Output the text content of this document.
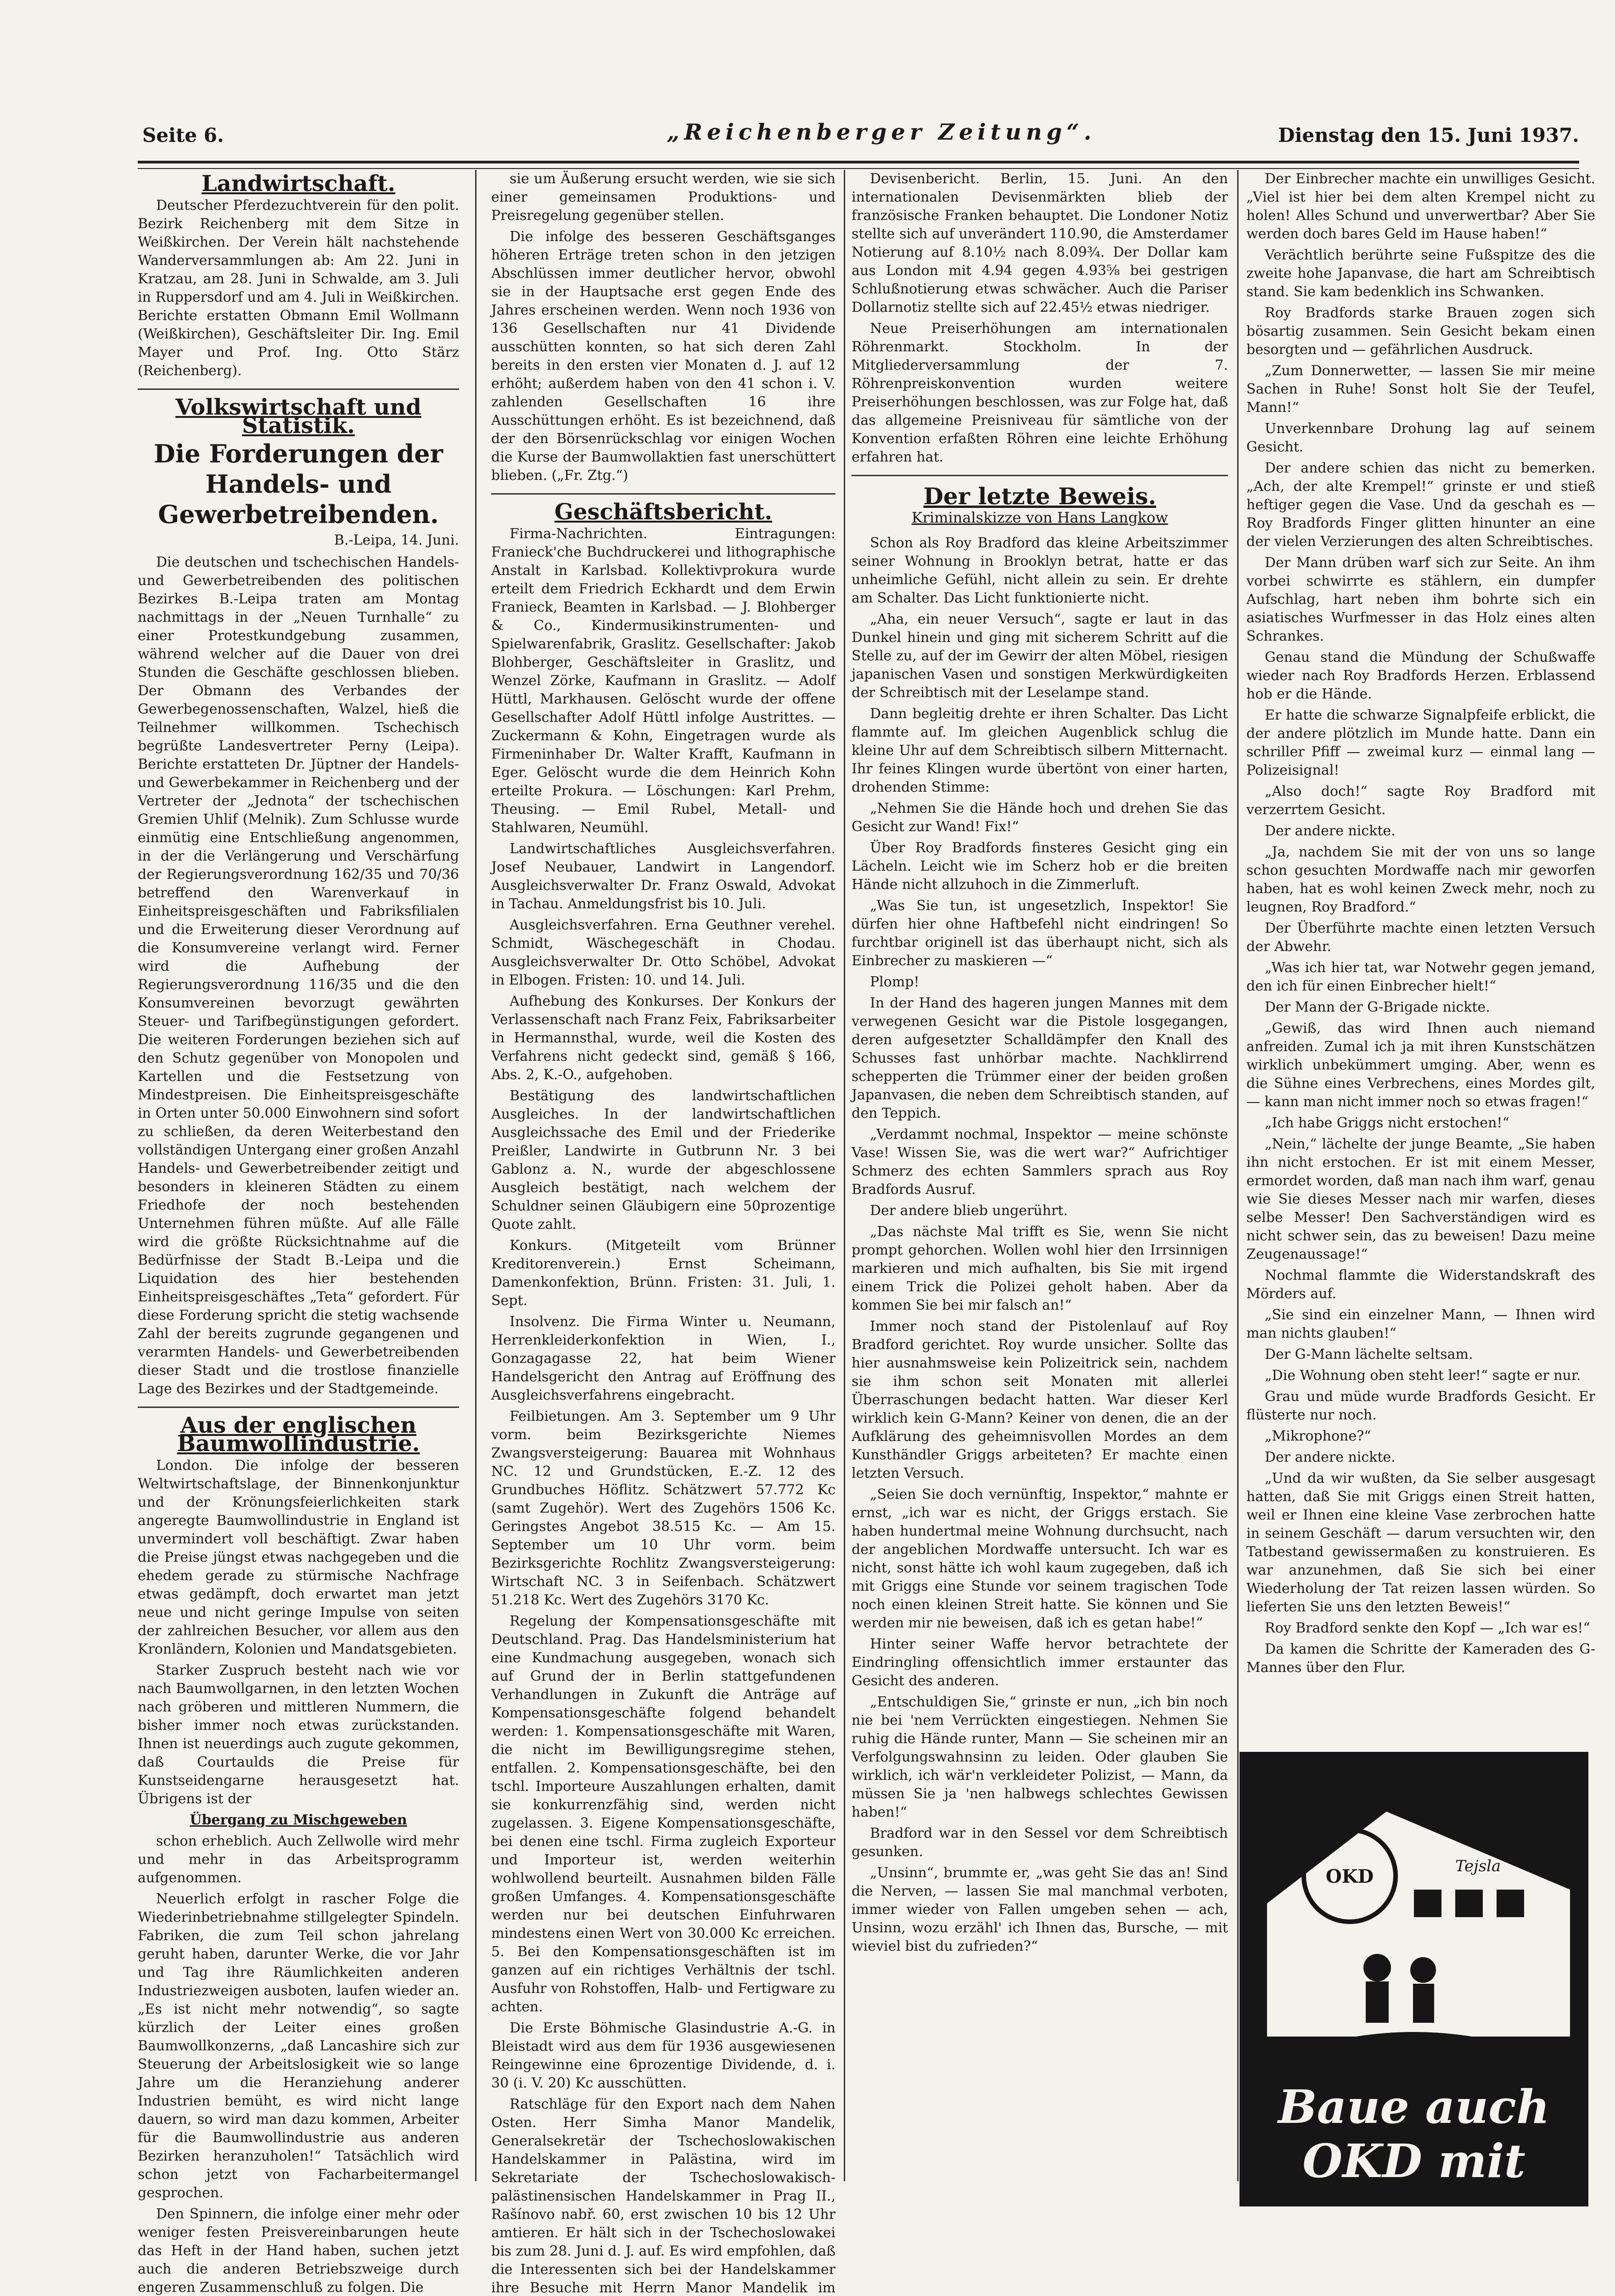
Seite 6.	„Reichenberger Zeitung“.	Dienstag den 15. Juni 1937.
Landwirtschaft.

Deutscher Pferdezuchtverein für den polit. Bezirk Reichenberg mit dem Sitze in Weißkirchen. Der Verein hält nachstehende Wanderversammlungen ab: Am 22. Juni in Kratzau, am 28. Juni in Schwalde, am 3. Juli in Ruppersdorf und am 4. Juli in Weißkirchen. Berichte erstatten Obmann Emil Wollmann (Weißkirchen), Geschäftsleiter Dir. Ing. Emil Mayer und Prof. Ing. Otto Stärz (Reichenberg).

Volkswirtschaft und Statistik.
Die Forderungen der Handels- und Gewerbetreibenden.
B.-Leipa, 14. Juni.

Die deutschen und tschechischen Handels- und Gewerbetreibenden des politischen Bezirkes B.-Leipa traten am Montag nachmittags in der „Neuen Turnhalle“ zu einer Protestkundgebung zusammen, während welcher auf die Dauer von drei Stunden die Geschäfte geschlossen blieben. Der Obmann des Verbandes der Gewerbegenossenschaften, Walzel, hieß die Teilnehmer willkommen. Tschechisch begrüßte Landesvertreter Perny (Leipa). Berichte erstatteten Dr. Jüptner der Handels- und Gewerbekammer in Reichenberg und der Vertreter der „Jednota“ der tschechischen Gremien Uhlif (Melnik). Zum Schlusse wurde einmütig eine Entschließung angenommen, in der die Verlängerung und Verschärfung der Regierungsverordnung 162/35 und 70/36 betreffend den Warenverkauf in Einheitspreisgeschäften und Fabriksfilialen und die Erweiterung dieser Verordnung auf die Konsumvereine verlangt wird. Ferner wird die Aufhebung der Regierungsverordnung 116/35 und die den Konsumvereinen bevorzugt gewährten Steuer- und Tarifbegünstigungen gefordert. Die weiteren Forderungen beziehen sich auf den Schutz gegenüber von Monopolen und Kartellen und die Festsetzung von Mindestpreisen. Die Einheitspreisgeschäfte in Orten unter 50.000 Einwohnern sind sofort zu schließen, da deren Weiterbestand den vollständigen Untergang einer großen Anzahl Handels- und Gewerbetreibender zeitigt und besonders in kleineren Städten zu einem Friedhofe der noch bestehenden Unternehmen führen müßte. Auf alle Fälle wird die größte Rücksichtnahme auf die Bedürfnisse der Stadt B.-Leipa und die Liquidation des hier bestehenden Einheitspreisgeschäftes „Teta“ gefordert. Für diese Forderung spricht die stetig wachsende Zahl der bereits zugrunde gegangenen und verarmten Handels- und Gewerbetreibenden dieser Stadt und die trostlose finanzielle Lage des Bezirkes und der Stadtgemeinde.

Aus der englischen Baumwollindustrie.

London. Die infolge der besseren Weltwirtschaftslage, der Binnenkonjunktur und der Krönungsfeierlichkeiten stark angeregte Baumwollindustrie in England ist unvermindert voll beschäftigt. Zwar haben die Preise jüngst etwas nachgegeben und die ehedem gerade zu stürmische Nachfrage etwas gedämpft, doch erwartet man jetzt neue und nicht geringe Impulse von seiten der zahlreichen Besucher, vor allem aus den Kronländern, Kolonien und Mandatsgebieten.

Starker Zuspruch besteht nach wie vor nach Baumwollgarnen, in den letzten Wochen nach gröberen und mittleren Nummern, die bisher immer noch etwas zurückstanden. Ihnen ist neuerdings auch zugute gekommen, daß Courtaulds die Preise für Kunstseidengarne herausgesetzt hat. Übrigens ist der

Übergang zu Mischgeweben

schon erheblich. Auch Zellwolle wird mehr und mehr in das Arbeitsprogramm aufgenommen.

Neuerlich erfolgt in rascher Folge die Wiederinbetriebnahme stillgelegter Spindeln. Fabriken, die zum Teil schon jahrelang geruht haben, darunter Werke, die vor Jahr und Tag ihre Räumlichkeiten anderen Industriezweigen ausboten, laufen wieder an. „Es ist nicht mehr notwendig“, so sagte kürzlich der Leiter eines großen Baumwollkonzerns, „daß Lancashire sich zur Steuerung der Arbeitslosigkeit wie so lange Jahre um die Heranziehung anderer Industrien bemüht, es wird nicht lange dauern, so wird man dazu kommen, Arbeiter für die Baumwollindustrie aus anderen Bezirken heranzuholen!“ Tatsächlich wird schon jetzt von Facharbeitermangel gesprochen.

Den Spinnern, die infolge einer mehr oder weniger festen Preisvereinbarungen heute das Heft in der Hand haben, suchen jetzt auch die anderen Betriebszweige durch engeren Zusammenschluß zu folgen. Die

sie um Äußerung ersucht werden, wie sie sich einer gemeinsamen Produktions- und Preisregelung gegenüber stellen.

Die infolge des besseren Geschäftsganges höheren Erträge treten schon in den jetzigen Abschlüssen immer deutlicher hervor, obwohl sie in der Hauptsache erst gegen Ende des Jahres erscheinen werden. Wenn noch 1936 von 136 Gesellschaften nur 41 Dividende ausschütten konnten, so hat sich deren Zahl bereits in den ersten vier Monaten d. J. auf 12 erhöht; außerdem haben von den 41 schon i. V. zahlenden Gesellschaften 16 ihre Ausschüttungen erhöht. Es ist bezeichnend, daß der den Börsenrückschlag vor einigen Wochen die Kurse der Baumwollaktien fast unerschüttert blieben. („Fr. Ztg.“)

Geschäftsbericht.

Firma-Nachrichten. Eintragungen: Franieck'che Buchdruckerei und lithographische Anstalt in Karlsbad. Kollektivprokura wurde erteilt dem Friedrich Eckhardt und dem Erwin Franieck, Beamten in Karlsbad. — J. Blohberger & Co., Kindermusikinstrumenten- und Spielwarenfabrik, Graslitz. Gesellschafter: Jakob Blohberger, Geschäftsleiter in Graslitz, und Wenzel Zörke, Kaufmann in Graslitz. — Adolf Hüttl, Markhausen. Gelöscht wurde der offene Gesellschafter Adolf Hüttl infolge Austrittes. — Zuckermann & Kohn, Eingetragen wurde als Firmeninhaber Dr. Walter Krafft, Kaufmann in Eger. Gelöscht wurde die dem Heinrich Kohn erteilte Prokura. — Löschungen: Karl Prehm, Theusing. — Emil Rubel, Metall- und Stahlwaren, Neumühl.

Landwirtschaftliches Ausgleichsverfahren. Josef Neubauer, Landwirt in Langendorf. Ausgleichsverwalter Dr. Franz Oswald, Advokat in Tachau. Anmeldungsfrist bis 10. Juli.

Ausgleichsverfahren. Erna Geuthner verehel. Schmidt, Wäschegeschäft in Chodau. Ausgleichsverwalter Dr. Otto Schöbel, Advokat in Elbogen. Fristen: 10. und 14. Juli.

Aufhebung des Konkurses. Der Konkurs der Verlassenschaft nach Franz Feix, Fabriksarbeiter in Hermannsthal, wurde, weil die Kosten des Verfahrens nicht gedeckt sind, gemäß § 166, Abs. 2, K.-O., aufgehoben.

Bestätigung des landwirtschaftlichen Ausgleiches. In der landwirtschaftlichen Ausgleichssache des Emil und der Friederike Preißler, Landwirte in Gutbrunn Nr. 3 bei Gablonz a. N., wurde der abgeschlossene Ausgleich bestätigt, nach welchem der Schuldner seinen Gläubigern eine 50prozentige Quote zahlt.

Konkurs. (Mitgeteilt vom Brünner Kreditorenverein.) Ernst Scheimann, Damenkonfektion, Brünn. Fristen: 31. Juli, 1. Sept.

Insolvenz. Die Firma Winter u. Neumann, Herrenkleiderkonfektion in Wien, I., Gonzagagasse 22, hat beim Wiener Handelsgericht den Antrag auf Eröffnung des Ausgleichsverfahrens eingebracht.

Feilbietungen. Am 3. September um 9 Uhr vorm. beim Bezirksgerichte Niemes Zwangsversteigerung: Bauarea mit Wohnhaus NC. 12 und Grundstücken, E.-Z. 12 des Grundbuches Höflitz. Schätzwert 57.772 Kc (samt Zugehör). Wert des Zugehörs 1506 Kc. Geringstes Angebot 38.515 Kc. — Am 15. September um 10 Uhr vorm. beim Bezirksgerichte Rochlitz Zwangsversteigerung: Wirtschaft NC. 3 in Seifenbach. Schätzwert 51.218 Kc. Wert des Zugehörs 3170 Kc.

Regelung der Kompensationsgeschäfte mit Deutschland. Prag. Das Handelsministerium hat eine Kundmachung ausgegeben, wonach sich auf Grund der in Berlin stattgefundenen Verhandlungen in Zukunft die Anträge auf Kompensationsgeschäfte folgend behandelt werden: 1. Kompensationsgeschäfte mit Waren, die nicht im Bewilligungsregime stehen, entfallen. 2. Kompensationsgeschäfte, bei den tschl. Importeure Auszahlungen erhalten, damit sie konkurrenzfähig sind, werden nicht zugelassen. 3. Eigene Kompensationsgeschäfte, bei denen eine tschl. Firma zugleich Exporteur und Importeur ist, werden weiterhin wohlwollend beurteilt. Ausnahmen bilden Fälle großen Umfanges. 4. Kompensationsgeschäfte werden nur bei deutschen Einfuhrwaren mindestens einen Wert von 30.000 Kc erreichen. 5. Bei den Kompensationsgeschäften ist im ganzen auf ein richtiges Verhältnis der tschl. Ausfuhr von Rohstoffen, Halb- und Fertigware zu achten.

Die Erste Böhmische Glasindustrie A.-G. in Bleistadt wird aus dem für 1936 ausgewiesenen Reingewinne eine 6prozentige Dividende, d. i. 30 (i. V. 20) Kc ausschütten.

Ratschläge für den Export nach dem Nahen Osten. Herr Simha Manor Mandelik, Generalsekretär der Tschechoslowakischen Handelskammer in Palästina, wird im Sekretariate der Tschechoslowakisch-palästinensischen Handelskammer in Prag II., Rašínovo nabř. 60, erst zwischen 10 bis 12 Uhr amtieren. Er hält sich in der Tschechoslowakei bis zum 28. Juni d. J. auf. Es wird empfohlen, daß die Interessenten sich bei der Handelskammer ihre Besuche mit Herrn Manor Mandelik im

Devisenbericht. Berlin, 15. Juni. An den internationalen Devisenmärkten blieb der französische Franken behauptet. Die Londoner Notiz stellte sich auf unverändert 110.90, die Amsterdamer Notierung auf 8.10½ nach 8.09¾. Der Dollar kam aus London mit 4.94 gegen 4.93⅝ bei gestrigen Schlußnotierung etwas schwächer. Auch die Pariser Dollarnotiz stellte sich auf 22.45½ etwas niedriger.

Neue Preiserhöhungen am internationalen Röhrenmarkt. Stockholm. In der Mitgliederversammlung der 7. Röhrenpreiskonvention wurden weitere Preiserhöhungen beschlossen, was zur Folge hat, daß das allgemeine Preisniveau für sämtliche von der Konvention erfaßten Röhren eine leichte Erhöhung erfahren hat.

Der letzte Beweis.
Kriminalskizze von Hans Langkow

Schon als Roy Bradford das kleine Arbeitszimmer seiner Wohnung in Brooklyn betrat, hatte er das unheimliche Gefühl, nicht allein zu sein. Er drehte am Schalter. Das Licht funktionierte nicht.

„Aha, ein neuer Versuch“, sagte er laut in das Dunkel hinein und ging mit sicherem Schritt auf die Stelle zu, auf der im Gewirr der alten Möbel, riesigen japanischen Vasen und sonstigen Merkwürdigkeiten der Schreibtisch mit der Leselampe stand.

Dann begleitig drehte er ihren Schalter. Das Licht flammte auf. Im gleichen Augenblick schlug die kleine Uhr auf dem Schreibtisch silbern Mitternacht. Ihr feines Klingen wurde übertönt von einer harten, drohenden Stimme:

„Nehmen Sie die Hände hoch und drehen Sie das Gesicht zur Wand! Fix!“

Über Roy Bradfords finsteres Gesicht ging ein Lächeln. Leicht wie im Scherz hob er die breiten Hände nicht allzuhoch in die Zimmerluft.

„Was Sie tun, ist ungesetzlich, Inspektor! Sie dürfen hier ohne Haftbefehl nicht eindringen! So furchtbar originell ist das überhaupt nicht, sich als Einbrecher zu maskieren —“

Plomp!

In der Hand des hageren jungen Mannes mit dem verwegenen Gesicht war die Pistole losgegangen, deren aufgesetzter Schalldämpfer den Knall des Schusses fast unhörbar machte. Nachklirrend schepperten die Trümmer einer der beiden großen Japanvasen, die neben dem Schreibtisch standen, auf den Teppich.

„Verdammt nochmal, Inspektor — meine schönste Vase! Wissen Sie, was die wert war?“ Aufrichtiger Schmerz des echten Sammlers sprach aus Roy Bradfords Ausruf.

Der andere blieb ungerührt.

„Das nächste Mal trifft es Sie, wenn Sie nicht prompt gehorchen. Wollen wohl hier den Irrsinnigen markieren und mich aufhalten, bis Sie mit irgend einem Trick die Polizei geholt haben. Aber da kommen Sie bei mir falsch an!“

Immer noch stand der Pistolenlauf auf Roy Bradford gerichtet. Roy wurde unsicher. Sollte das hier ausnahmsweise kein Polizeitrick sein, nachdem sie ihm schon seit Monaten mit allerlei Überraschungen bedacht hatten. War dieser Kerl wirklich kein G-Mann? Keiner von denen, die an der Aufklärung des geheimnisvollen Mordes an dem Kunsthändler Griggs arbeiteten? Er machte einen letzten Versuch.

„Seien Sie doch vernünftig, Inspektor,“ mahnte er ernst, „ich war es nicht, der Griggs erstach. Sie haben hundertmal meine Wohnung durchsucht, nach der angeblichen Mordwaffe untersucht. Ich war es nicht, sonst hätte ich wohl kaum zugegeben, daß ich mit Griggs eine Stunde vor seinem tragischen Tode noch einen kleinen Streit hatte. Sie können und Sie werden mir nie beweisen, daß ich es getan habe!“

Hinter seiner Waffe hervor betrachtete der Eindringling offensichtlich immer erstaunter das Gesicht des anderen.

„Entschuldigen Sie,“ grinste er nun, „ich bin noch nie bei 'nem Verrückten eingestiegen. Nehmen Sie ruhig die Hände runter, Mann — Sie scheinen mir an Verfolgungswahnsinn zu leiden. Oder glauben Sie wirklich, ich wär'n verkleideter Polizist, — Mann, da müssen Sie ja 'nen halbwegs schlechtes Gewissen haben!“

Bradford war in den Sessel vor dem Schreibtisch gesunken.

„Unsinn“, brummte er, „was geht Sie das an! Sind die Nerven, — lassen Sie mal manchmal verboten, immer wieder von Fallen umgeben sehen — ach, Unsinn, wozu erzähl' ich Ihnen das, Bursche, — mit wieviel bist du zufrieden?“

Der Einbrecher machte ein unwilliges Gesicht. „Viel ist hier bei dem alten Krempel nicht zu holen! Alles Schund und unverwertbar? Aber Sie werden doch bares Geld im Hause haben!“

Verächtlich berührte seine Fußspitze des die zweite hohe Japanvase, die hart am Schreibtisch stand. Sie kam bedenklich ins Schwanken.

Roy Bradfords starke Brauen zogen sich bösartig zusammen. Sein Gesicht bekam einen besorgten und — gefährlichen Ausdruck.

„Zum Donnerwetter, — lassen Sie mir meine Sachen in Ruhe! Sonst holt Sie der Teufel, Mann!“

Unverkennbare Drohung lag auf seinem Gesicht.

Der andere schien das nicht zu bemerken. „Ach, der alte Krempel!“ grinste er und stieß heftiger gegen die Vase. Und da geschah es — Roy Bradfords Finger glitten hinunter an eine der vielen Verzierungen des alten Schreibtisches.

Der Mann drüben warf sich zur Seite. An ihm vorbei schwirrte es stählern, ein dumpfer Aufschlag, hart neben ihm bohrte sich ein asiatisches Wurfmesser in das Holz eines alten Schrankes.

Genau stand die Mündung der Schußwaffe wieder nach Roy Bradfords Herzen. Erblassend hob er die Hände.

Er hatte die schwarze Signalpfeife erblickt, die der andere plötzlich im Munde hatte. Dann ein schriller Pfiff — zweimal kurz — einmal lang — Polizeisignal!

„Also doch!“ sagte Roy Bradford mit verzerrtem Gesicht.

Der andere nickte.

„Ja, nachdem Sie mit der von uns so lange schon gesuchten Mordwaffe nach mir geworfen haben, hat es wohl keinen Zweck mehr, noch zu leugnen, Roy Bradford.“

Der Überführte machte einen letzten Versuch der Abwehr.

„Was ich hier tat, war Notwehr gegen jemand, den ich für einen Einbrecher hielt!“

Der Mann der G-Brigade nickte.

„Gewiß, das wird Ihnen auch niemand anfreiden. Zumal ich ja mit ihren Kunstschätzen wirklich unbekümmert umging. Aber, wenn es die Sühne eines Verbrechens, eines Mordes gilt, — kann man nicht immer noch so etwas fragen!“

„Ich habe Griggs nicht erstochen!“

„Nein,“ lächelte der junge Beamte, „Sie haben ihn nicht erstochen. Er ist mit einem Messer, ermordet worden, daß man nach ihm warf, genau wie Sie dieses Messer nach mir warfen, dieses selbe Messer! Den Sachverständigen wird es nicht schwer sein, das zu beweisen! Dazu meine Zeugenaussage!“

Nochmal flammte die Widerstandskraft des Mörders auf.

„Sie sind ein einzelner Mann, — Ihnen wird man nichts glauben!“

Der G-Mann lächelte seltsam.

„Die Wohnung oben steht leer!“ sagte er nur.

Grau und müde wurde Bradfords Gesicht. Er flüsterte nur noch.

„Mikrophone?“

Der andere nickte.

„Und da wir wußten, da Sie selber ausgesagt hatten, daß Sie mit Griggs einen Streit hatten, weil er Ihnen eine kleine Vase zerbrochen hatte in seinem Geschäft — darum versuchten wir, den Tatbestand gewissermaßen zu konstruieren. Es war anzunehmen, daß Sie sich bei einer Wiederholung der Tat reizen lassen würden. So lieferten Sie uns den letzten Beweis!“

Roy Bradford senkte den Kopf — „Ich war es!“

Da kamen die Schritte der Kameraden des G-Mannes über den Flur.

OKD	Tejsla
Baue auch OKD mit
